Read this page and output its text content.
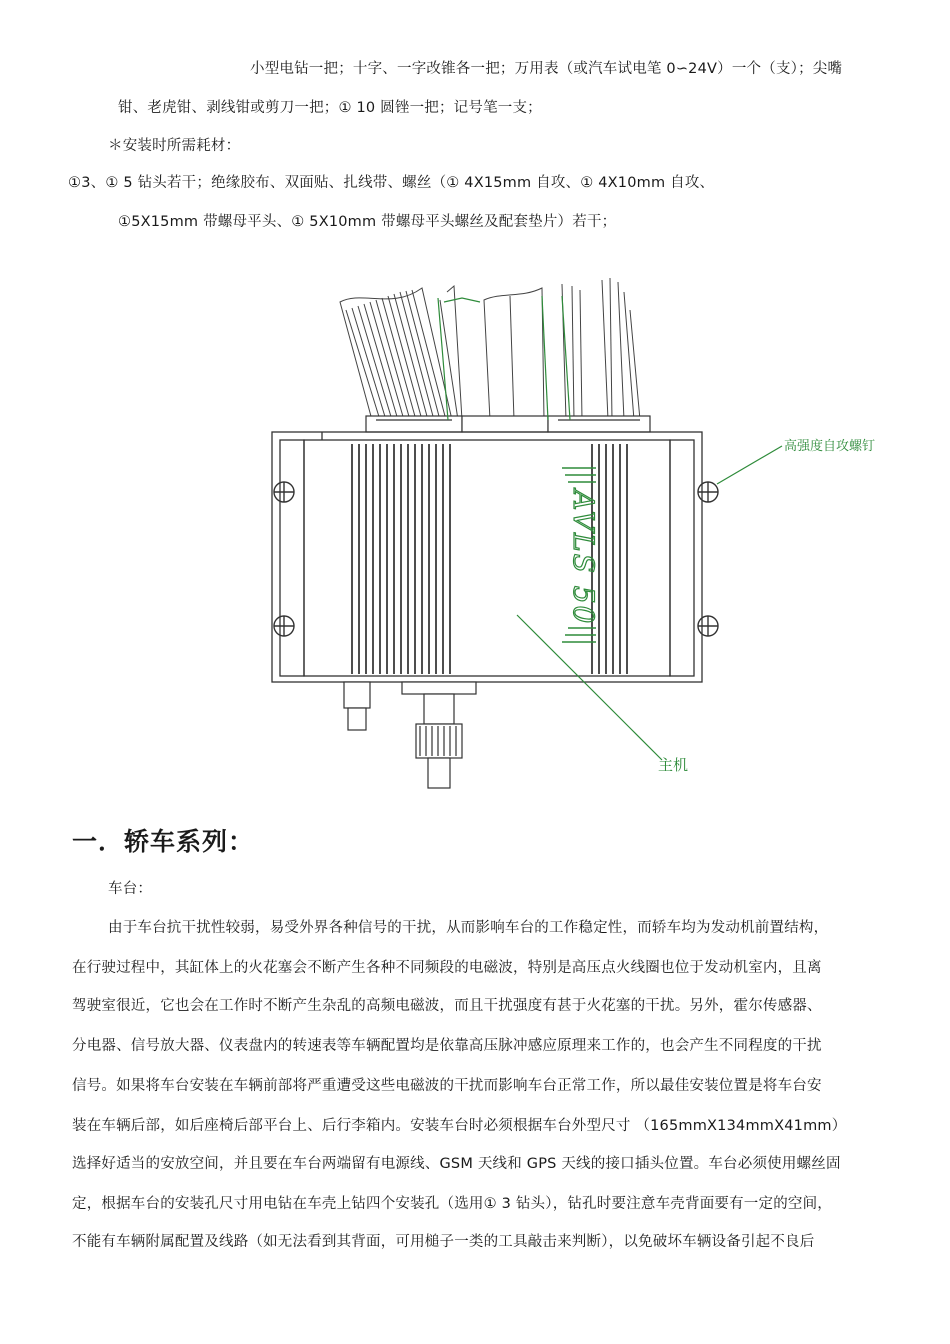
小型电钻一把；十字、一字改锥各一把；万用表（或汽车试电笔 0∽24V）一个（支）；尖嘴
钳、老虎钳、剥线钳或剪刀一把；① 10 圆锉一把；记号笔一支；
＊安装时所需耗材：
①3、① 5 钻头若干；绝缘胶布、双面贴、扎线带、螺丝（① 4X15mm 自攻、① 4X10mm 自攻、
①5X15mm 带螺母平头、① 5X10mm 带螺母平头螺丝及配套垫片）若干；
AVLS 50
高强度自攻螺钉
主机
一．轿车系列：
车台：
由于车台抗干扰性较弱，易受外界各种信号的干扰，从而影响车台的工作稳定性，而轿车均为发动机前置结构，
在行驶过程中，其缸体上的火花塞会不断产生各种不同频段的电磁波，特别是高压点火线圈也位于发动机室内，且离
驾驶室很近，它也会在工作时不断产生杂乱的高频电磁波，而且干扰强度有甚于火花塞的干扰。另外，霍尔传感器、
分电器、信号放大器、仪表盘内的转速表等车辆配置均是依靠高压脉冲感应原理来工作的，也会产生不同程度的干扰
信号。如果将车台安装在车辆前部将严重遭受这些电磁波的干扰而影响车台正常工作，所以最佳安装位置是将车台安
装在车辆后部，如后座椅后部平台上、后行李箱内。安装车台时必须根据车台外型尺寸 （165mmX134mmX41mm）
选择好适当的安放空间，并且要在车台两端留有电源线、GSM 天线和 GPS 天线的接口插头位置。车台必须使用螺丝固
定，根据车台的安装孔尺寸用电钻在车壳上钻四个安装孔（选用① 3 钻头），钻孔时要注意车壳背面要有一定的空间，
不能有车辆附属配置及线路（如无法看到其背面，可用槌子一类的工具敲击来判断），以免破坏车辆设备引起不良后
